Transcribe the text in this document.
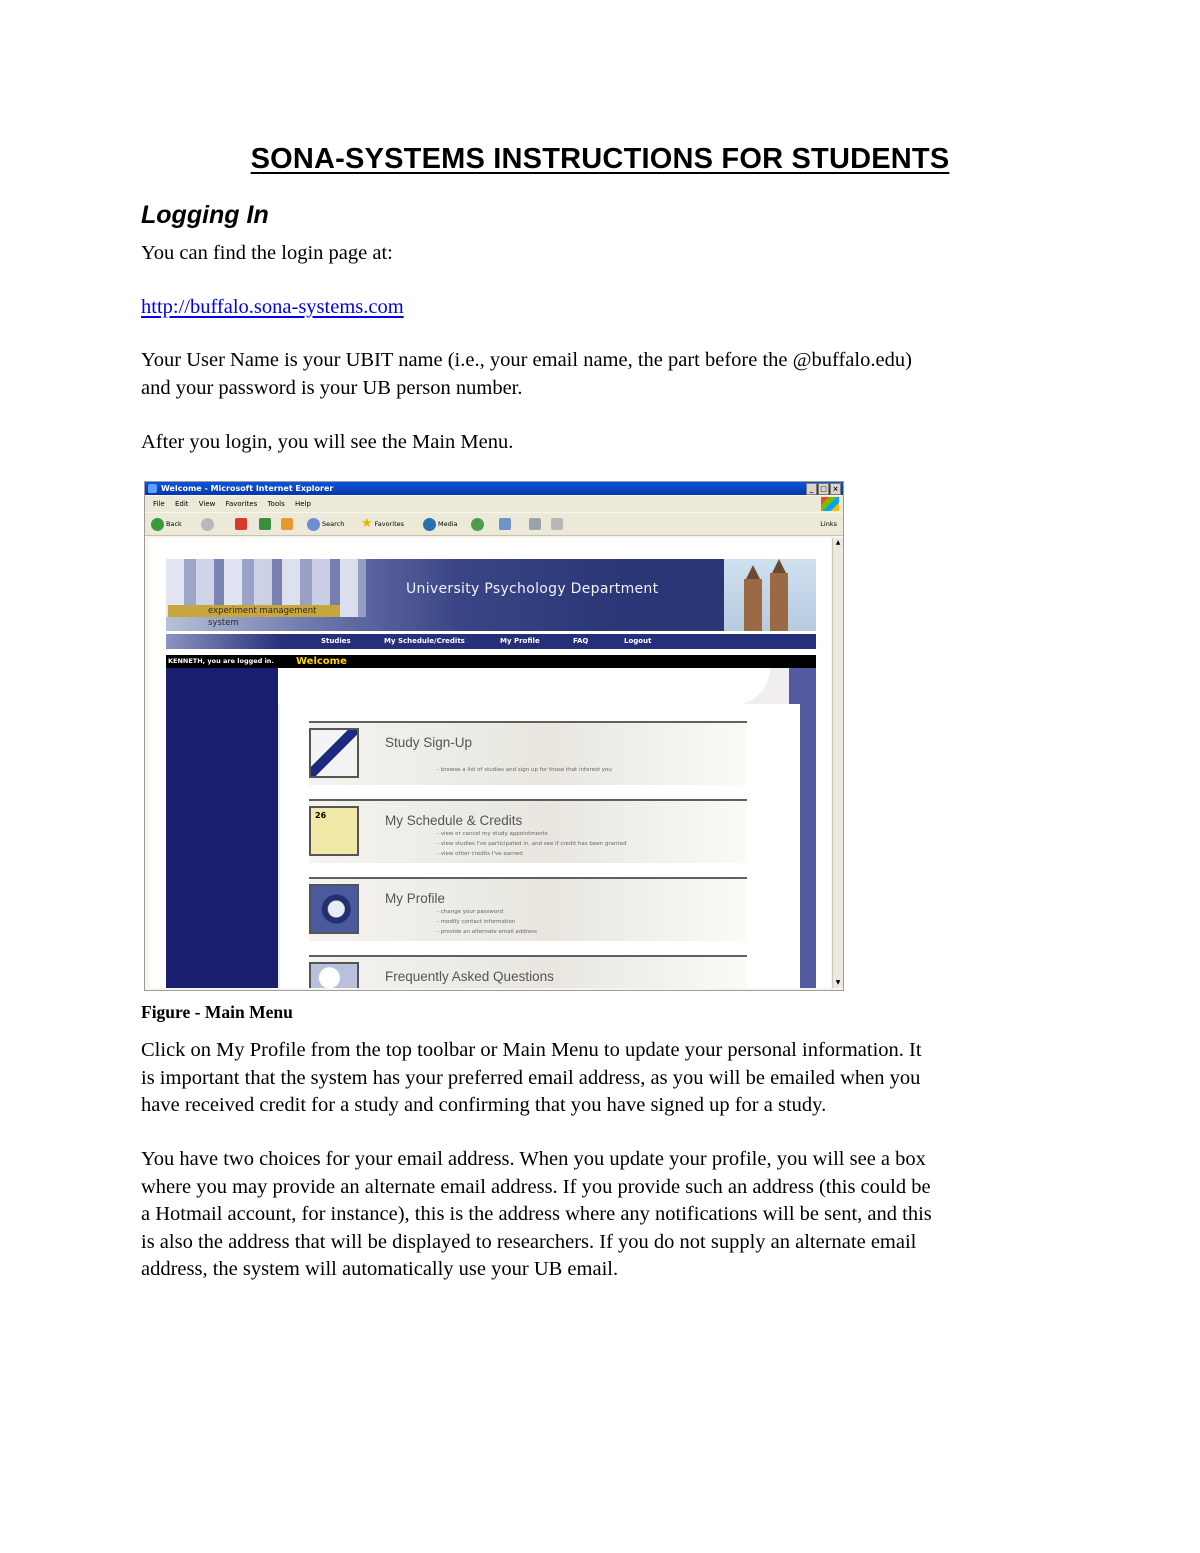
SONA-SYSTEMS INSTRUCTIONS FOR STUDENTS
Logging In

You can find the login page at:

http://buffalo.sona-systems.com

Your User Name is your UBIT name (i.e., your email name, the part before the @buffalo.edu)
and your password is your UB person number.

After you login, you will see the Main Menu.

Welcome - Microsoft Internet Explorer	_ □ ×
File Edit View Favorites Tools Help
Back	Search ★ Favorites	Media	Links
experiment management system
University Psychology Department
Studies	My Schedule/Credits	My Profile	FAQ	Logout
KENNETH, you are logged in. Welcome
Study Sign-Up
- browse a list of studies and sign up for those that interest you
26	My Schedule & Credits
- view or cancel my study appointments
- view studies I've participated in, and see if credit has been granted
- view other credits I've earned
My Profile
- change your password
- modify contact information
- provide an alternate email address
Frequently Asked Questions
▲
▼

Figure - Main Menu

Click on My Profile from the top toolbar or Main Menu to update your personal information. It
is important that the system has your preferred email address, as you will be emailed when you
have received credit for a study and confirming that you have signed up for a study.

You have two choices for your email address. When you update your profile, you will see a box
where you may provide an alternate email address. If you provide such an address (this could be
a Hotmail account, for instance), this is the address where any notifications will be sent, and this
is also the address that will be displayed to researchers. If you do not supply an alternate email
address, the system will automatically use your UB email.
